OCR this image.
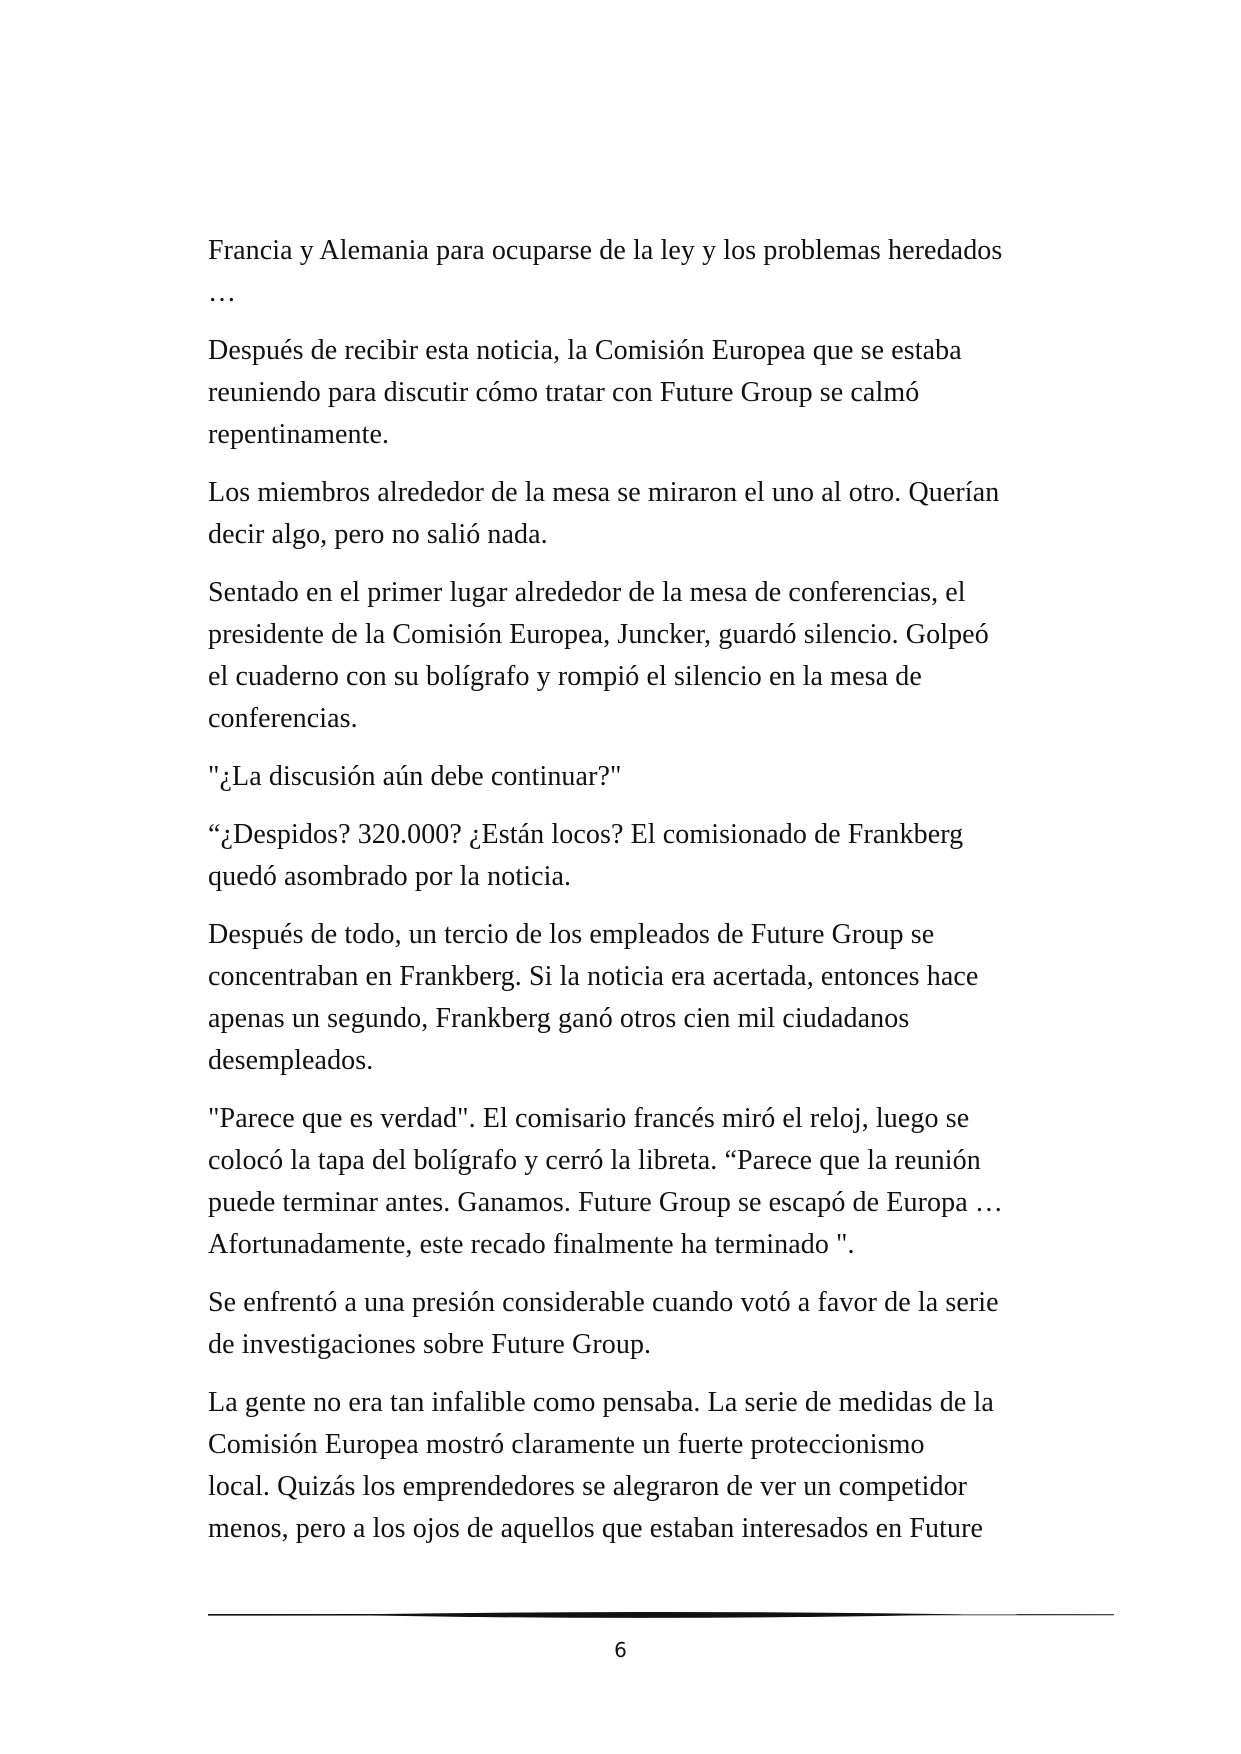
Francia y Alemania para ocuparse de la ley y los problemas heredados
…

Después de recibir esta noticia, la Comisión Europea que se estaba
reuniendo para discutir cómo tratar con Future Group se calmó
repentinamente.

Los miembros alrededor de la mesa se miraron el uno al otro. Querían
decir algo, pero no salió nada.

Sentado en el primer lugar alrededor de la mesa de conferencias, el
presidente de la Comisión Europea, Juncker, guardó silencio. Golpeó
el cuaderno con su bolígrafo y rompió el silencio en la mesa de
conferencias.

"¿La discusión aún debe continuar?"

“¿Despidos? 320.000? ¿Están locos? El comisionado de Frankberg
quedó asombrado por la noticia.

Después de todo, un tercio de los empleados de Future Group se
concentraban en Frankberg. Si la noticia era acertada, entonces hace
apenas un segundo, Frankberg ganó otros cien mil ciudadanos
desempleados.

"Parece que es verdad". El comisario francés miró el reloj, luego se
colocó la tapa del bolígrafo y cerró la libreta. “Parece que la reunión
puede terminar antes. Ganamos. Future Group se escapó de Europa …
Afortunadamente, este recado finalmente ha terminado ".

Se enfrentó a una presión considerable cuando votó a favor de la serie
de investigaciones sobre Future Group.

La gente no era tan infalible como pensaba. La serie de medidas de la
Comisión Europea mostró claramente un fuerte proteccionismo
local. Quizás los emprendedores se alegraron de ver un competidor
menos, pero a los ojos de aquellos que estaban interesados en Future

6
